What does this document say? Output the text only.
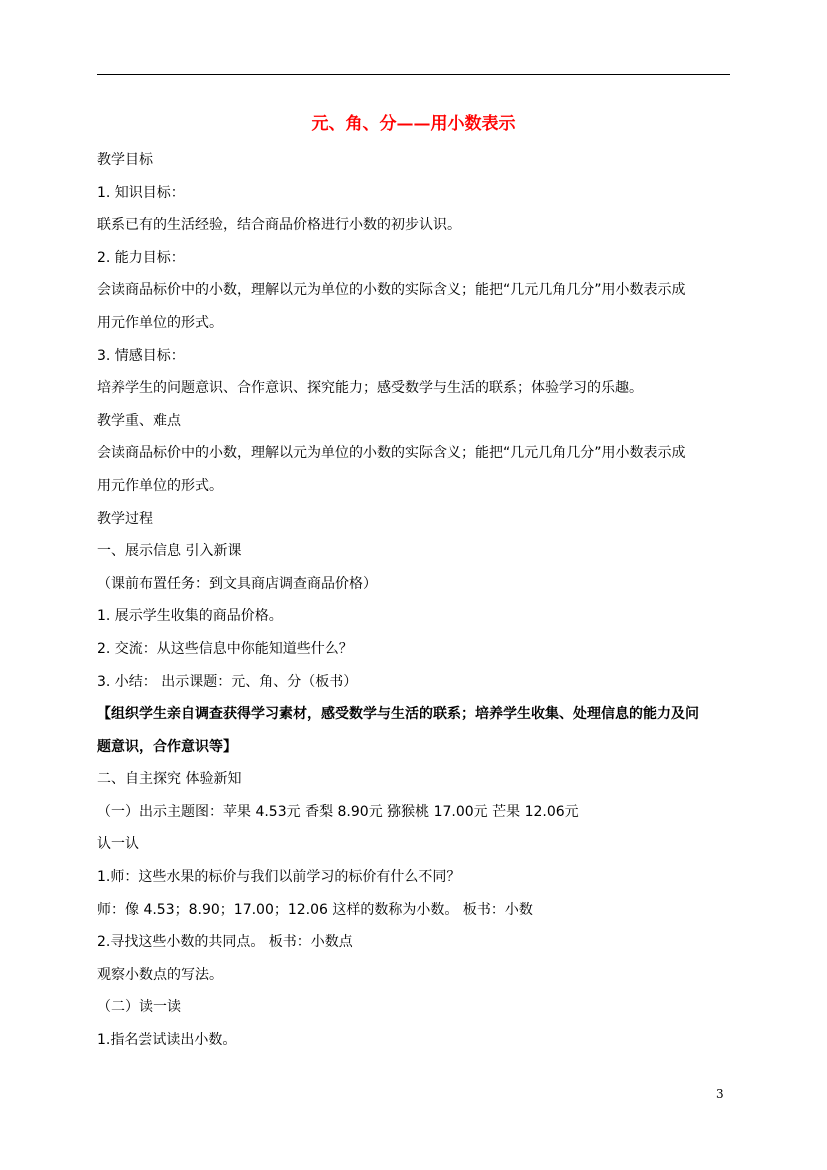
元、角、分——用小数表示
教学目标
1. 知识目标：
联系已有的生活经验，结合商品价格进行小数的初步认识。
2. 能力目标：
会读商品标价中的小数，理解以元为单位的小数的实际含义；能把“几元几角几分”用小数表示成
用元作单位的形式。
3. 情感目标：
培养学生的问题意识、合作意识、探究能力；感受数学与生活的联系；体验学习的乐趣。
教学重、难点
会读商品标价中的小数，理解以元为单位的小数的实际含义；能把“几元几角几分”用小数表示成
用元作单位的形式。
教学过程
一、展示信息 引入新课
（课前布置任务：到文具商店调查商品价格）
1. 展示学生收集的商品价格。
2. 交流：从这些信息中你能知道些什么？
3. 小结： 出示课题：元、角、分（板书）
【组织学生亲自调查获得学习素材，感受数学与生活的联系；培养学生收集、处理信息的能力及问
题意识，合作意识等】
二、自主探究 体验新知
（一）出示主题图：苹果 4.53元 香梨 8.90元 猕猴桃 17.00元 芒果 12.06元
认一认
1.师：这些水果的标价与我们以前学习的标价有什么不同？
师：像 4.53；8.90；17.00；12.06 这样的数称为小数。 板书：小数
2.寻找这些小数的共同点。 板书：小数点
观察小数点的写法。
（二）读一读
1.指名尝试读出小数。
3
